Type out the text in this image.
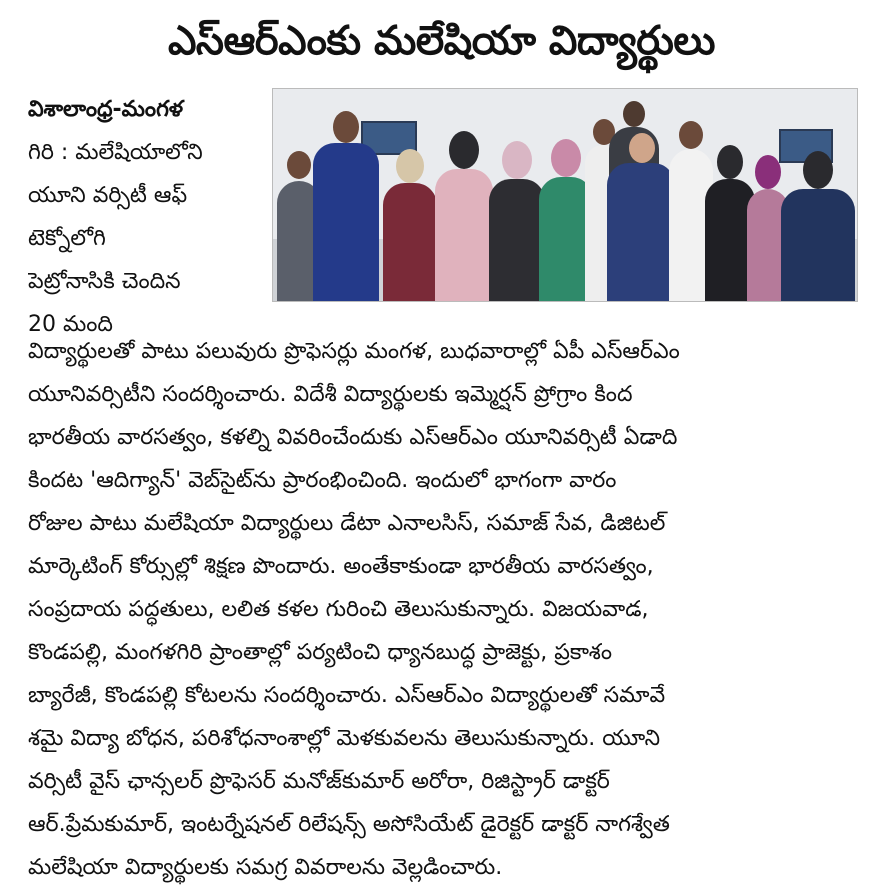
ఎస్ఆర్ఎంకు మలేషియా విద్యార్థులు
విశాలాంధ్ర-మంగళ
గిరి : మలేషియాలోని
యూని వర్సిటీ ఆఫ్
టెక్నోలోగి
పెట్రోనాసికి చెందిన
20 మంది
విద్యార్థులతో పాటు పలువురు ప్రొఫెసర్లు మంగళ, బుధవారాల్లో ఏపీ ఎస్ఆర్ఎం
యూనివర్సిటీని సందర్శించారు. విదేశీ విద్యార్థులకు ఇమ్మెర్షన్ ప్రోగ్రాం కింద
భారతీయ వారసత్వం, కళల్ని వివరించేందుకు ఎస్ఆర్ఎం యూనివర్సిటీ ఏడాది
కిందట 'ఆదిగ్యాన్' వెబ్‌సైట్‌ను ప్రారంభించింది. ఇందులో భాగంగా వారం
రోజుల పాటు మలేషియా విద్యార్థులు డేటా ఎనాలసిస్, సమాజ్ సేవ, డిజిటల్
మార్కెటింగ్ కోర్సుల్లో శిక్షణ పొందారు. అంతేకాకుండా భారతీయ వారసత్వం,
సంప్రదాయ పద్ధతులు, లలిత కళల గురించి తెలుసుకున్నారు. విజయవాడ,
కొండపల్లి, మంగళగిరి ప్రాంతాల్లో పర్యటించి ధ్యానబుద్ధ ప్రాజెక్టు, ప్రకాశం
బ్యారేజీ, కొండపల్లి కోటలను సందర్శించారు. ఎస్ఆర్ఎం విద్యార్థులతో సమావే
శమై విద్యా బోధన, పరిశోధనాంశాల్లో మెళకువలను తెలుసుకున్నారు. యూని
వర్సిటీ వైస్ ఛాన్సలర్ ప్రొఫెసర్ మనోజ్‌కుమార్ అరోరా, రిజిస్ట్రార్ డాక్టర్
ఆర్.ప్రేమకుమార్, ఇంటర్నేషనల్ రిలేషన్స్ అసోసియేట్ డైరెక్టర్ డాక్టర్ నాగశ్వేత
మలేషియా విద్యార్థులకు సమగ్ర వివరాలను వెల్లడించారు.
